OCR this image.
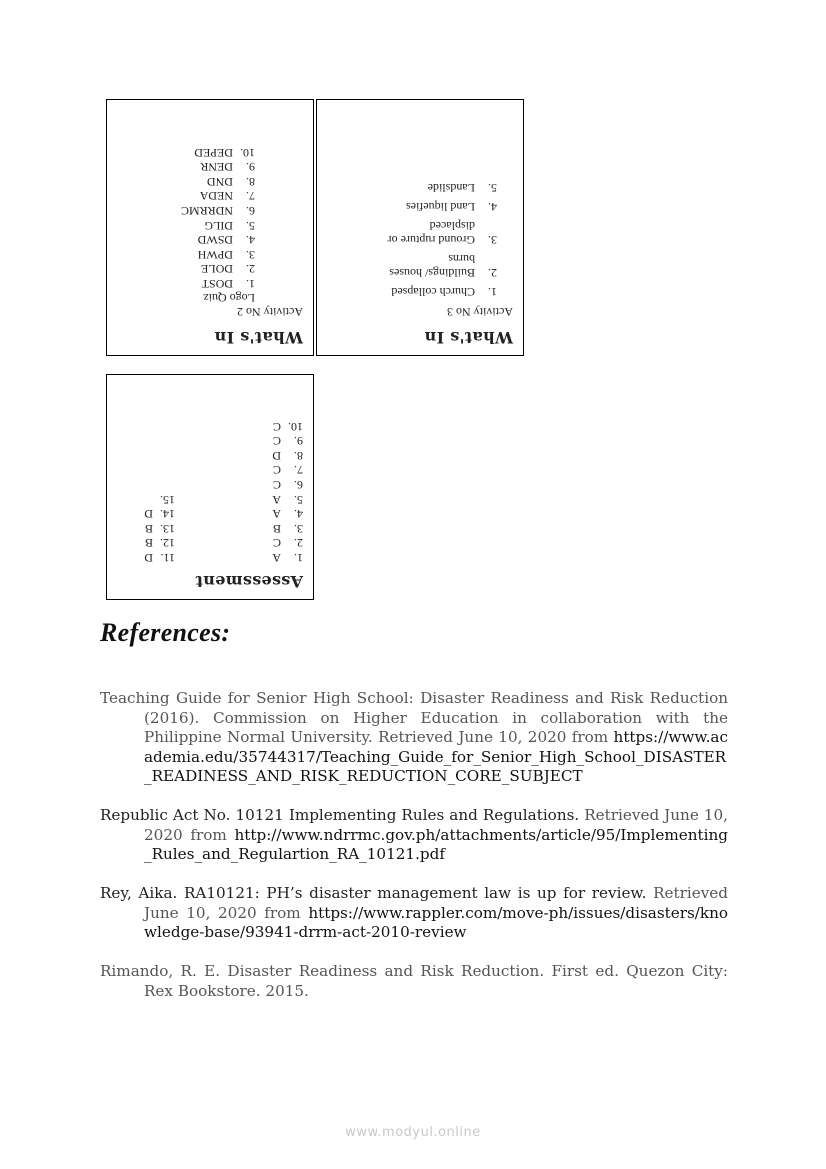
What's In
Activity No 2
Logo Quiz
1.DOST
2.DOLE
3.DPWH
4.DSWD
5.DILG
6.NDRRMC
7.NEDA
8.DND
9.DENR
10.DEPED
What's In
Activity No 3
1.
Church collapsed
2.
Buildings/ houses burns
3.
Ground rupture or displaced
4.
Land liquefies
5.
Landslide
Assessment
1.
A
2.
C
3.
B
4.
A
5.
A
6.
C
7.
C
8.
D
9.
C
10.
C
11.
D
12.
B
13.
B
14.
D
15.
References:

Teaching Guide for Senior High School: Disaster Readiness and Risk Reduction (2016). Commission on Higher Education in collaboration with the Philippine Normal University. Retrieved June 10, 2020 from https://www.academia.edu/35744317/Teaching_Guide_for_Senior_High_School_DISASTER_READINESS_AND_RISK_REDUCTION_CORE_SUBJECT

Republic Act No. 10121 Implementing Rules and Regulations. Retrieved June 10, 2020 from http://www.ndrrmc.gov.ph/attachments/article/95/Implementing_Rules_and_Regulartion_RA_10121.pdf

Rey, Aika. RA10121: PH’s disaster management law is up for review. Retrieved June 10, 2020 from https://www.rappler.com/move-ph/issues/disasters/knowledge-base/93941-drrm-act-2010-review

Rimando, R. E. Disaster Readiness and Risk Reduction. First ed. Quezon City: Rex Bookstore. 2015.

www.modyul.online
